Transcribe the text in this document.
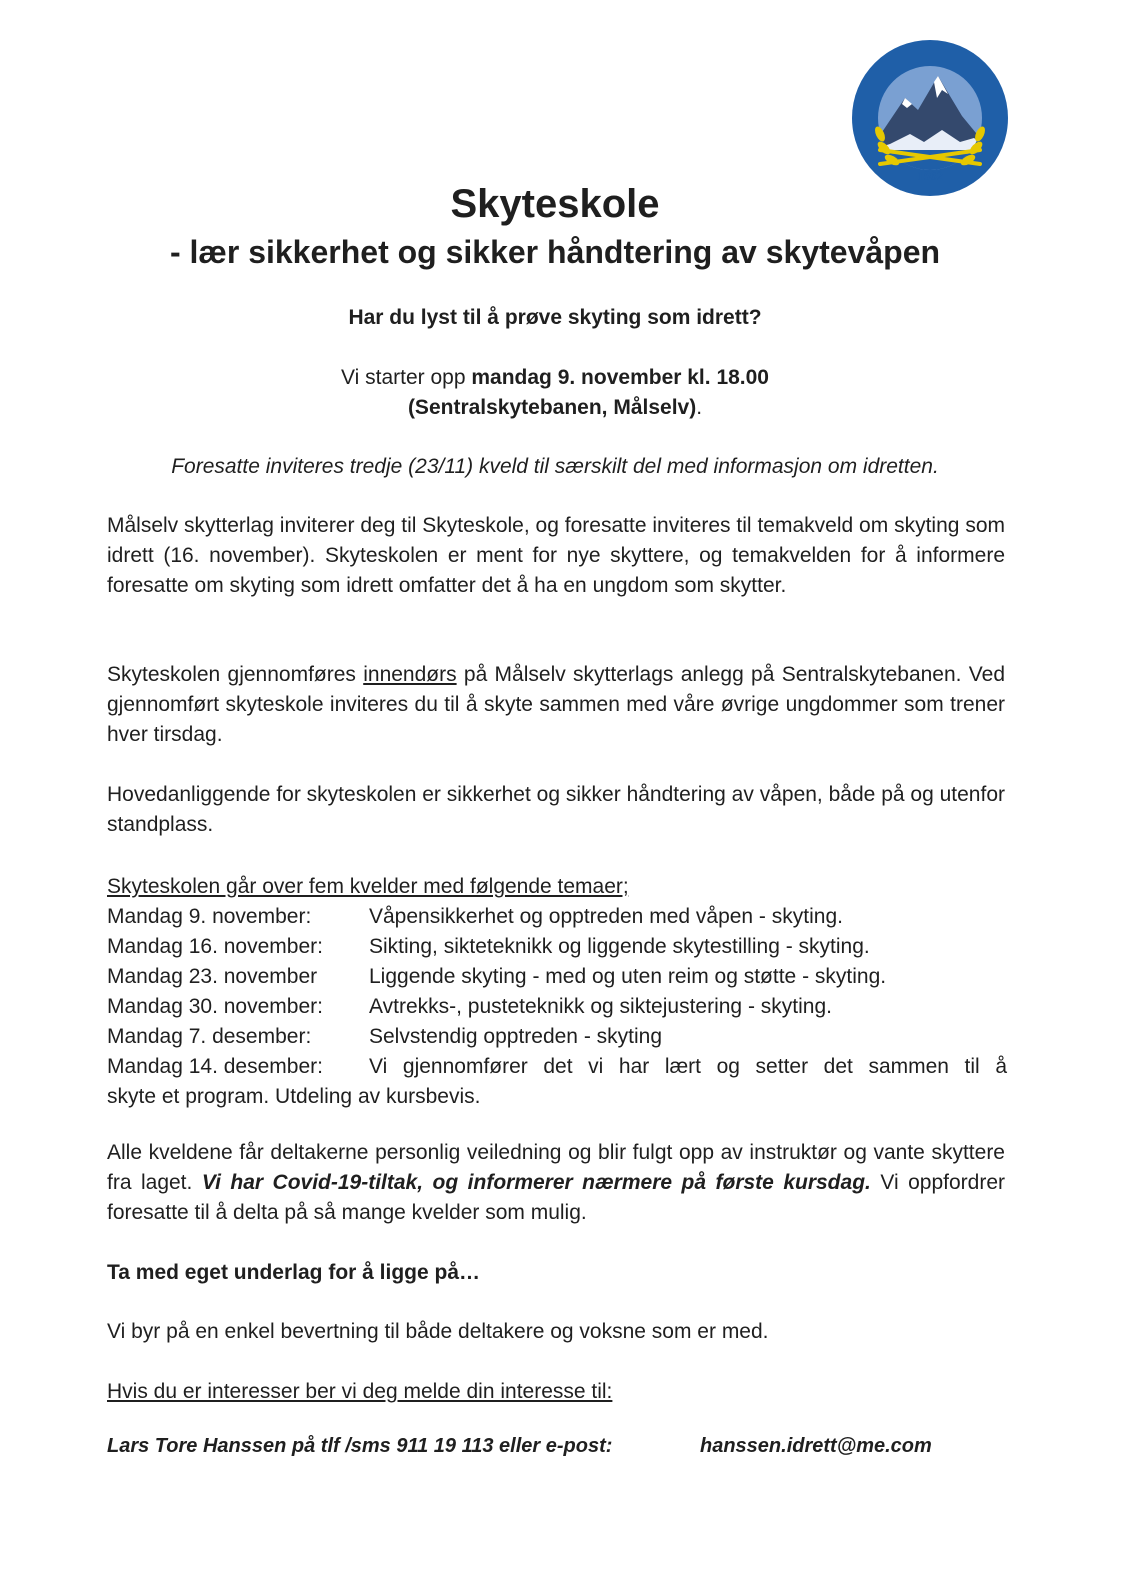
MÅLSELV SKYTTERLAG
1862
Skyteskole
- lær sikkerhet og sikker håndtering av skytevåpen

Har du lyst til å prøve skyting som idrett?

Vi starter opp mandag 9. november kl. 18.00
(Sentralskytebanen, Målselv).

Foresatte inviteres tredje (23/11) kveld til særskilt del med informasjon om idretten.

Målselv skytterlag inviterer deg til Skyteskole, og foresatte inviteres til temakveld om skyting som idrett (16. november). Skyteskolen er ment for nye skyttere, og temakvelden for å informere foresatte om skyting som idrett omfatter det å ha en ungdom som skytter.

Skyteskolen gjennomføres innendørs på Målselv skytterlags anlegg på Sentralskytebanen. Ved gjennomført skyteskole inviteres du til å skyte sammen med våre øvrige ungdommer som trener hver tirsdag.

Hovedanliggende for skyteskolen er sikkerhet og sikker håndtering av våpen, både på og utenfor standplass.

Skyteskolen går over fem kvelder med følgende temaer;
Mandag 9. november:	Våpensikkerhet og opptreden med våpen - skyting.
Mandag 16. november:	Sikting, sikteteknikk og liggende skytestilling - skyting.
Mandag 23. november	Liggende skyting - med og uten reim og støtte - skyting.
Mandag 30. november:	Avtrekks-, pusteteknikk og siktejustering - skyting.
Mandag 7. desember:	Selvstendig opptreden - skyting
Mandag 14. desember:	Vi gjennomfører det vi har lært og setter det sammen til å
skyte et program. Utdeling av kursbevis.

Alle kveldene får deltakerne personlig veiledning og blir fulgt opp av instruktør og vante skyttere fra laget. Vi har Covid-19-tiltak, og informerer nærmere på første kursdag. Vi oppfordrer foresatte til å delta på så mange kvelder som mulig.

Ta med eget underlag for å ligge på…

Vi byr på en enkel bevertning til både deltakere og voksne som er med.

Hvis du er interesser ber vi deg melde din interesse til:

Lars Tore Hanssen på tlf /sms 911 19 113 eller e-post:	hanssen.idrett@me.com
